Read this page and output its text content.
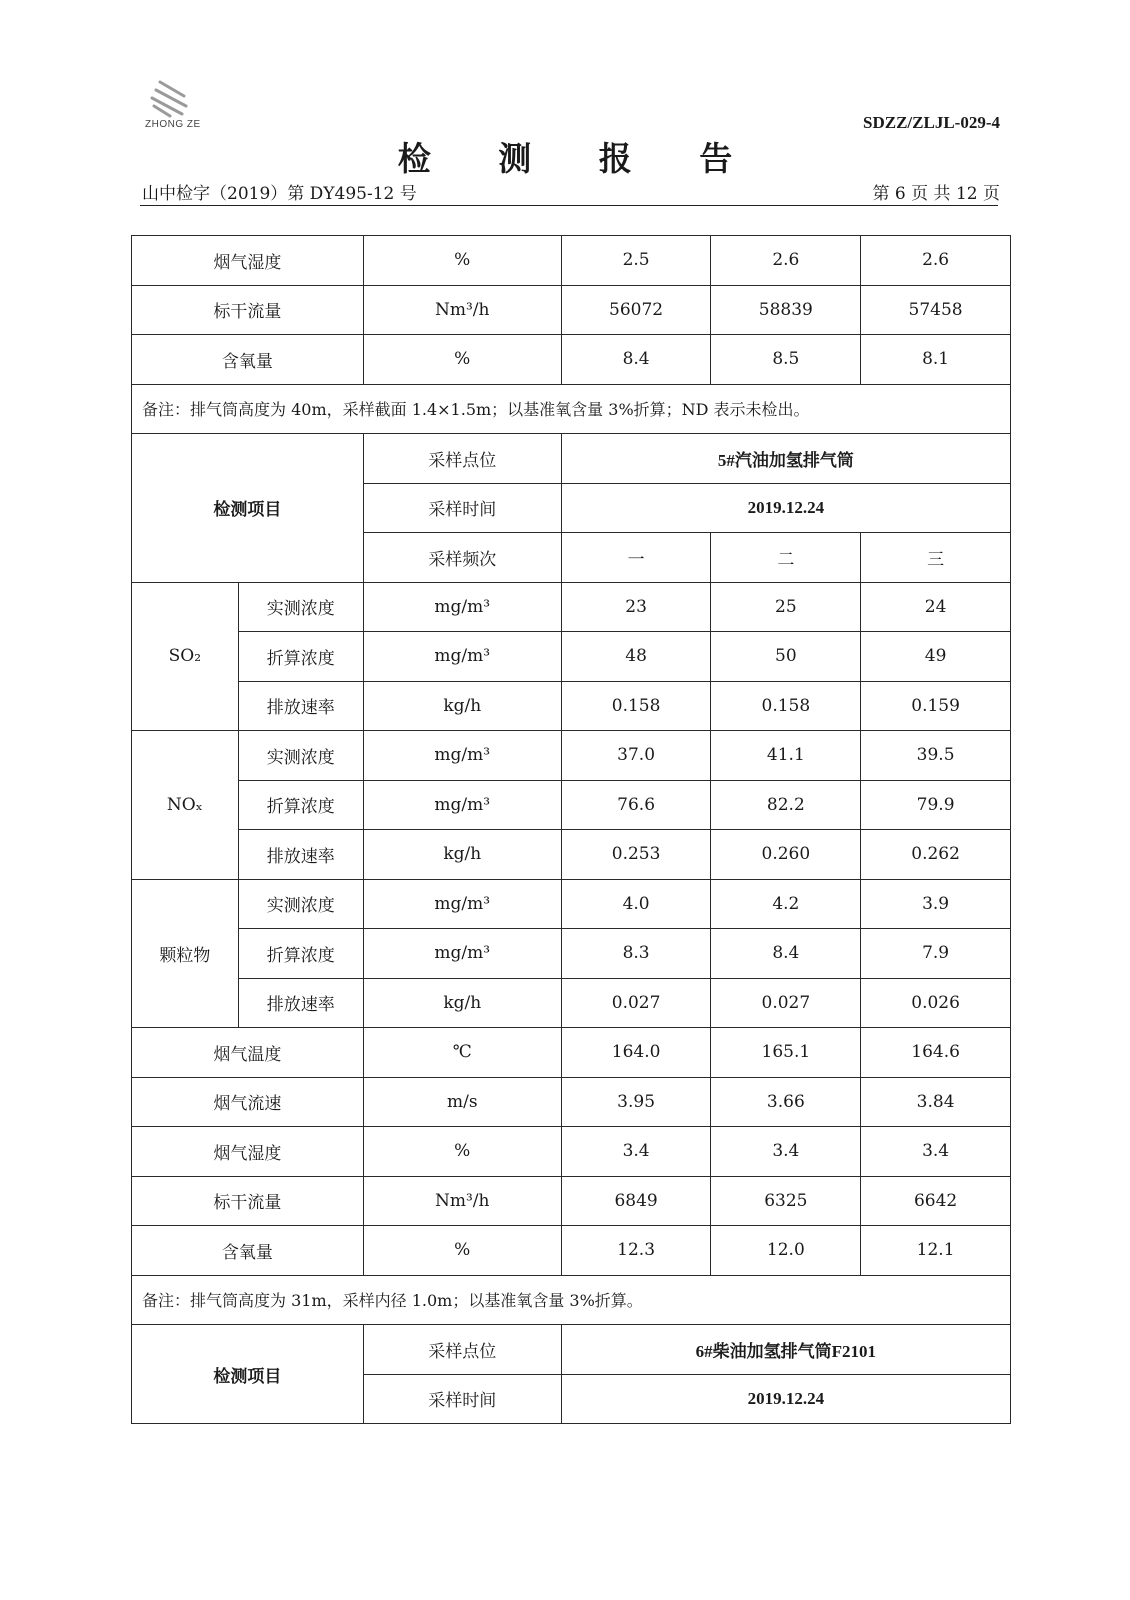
ZHONG ZE	SDZZ/ZLJL-029-4
检 测 报 告
山中检字（2019）第 DY495-12 号	第 6 页 共 12 页
烟气湿度		%	2.5	2.6	2.6
标干流量		Nm³/h	56072	58839	57458
含氧量		%	8.4	8.5	8.1
备注：排气筒高度为 40m，采样截面 1.4×1.5m；以基准氧含量 3%折算；ND 表示未检出。					
检测项目		采样点位	5#汽油加氢排气筒		
		采样时间	2019.12.24		
		采样频次	一	二	三
SO₂	实测浓度	mg/m³	23	25	24
	折算浓度	mg/m³	48	50	49
	排放速率	kg/h	0.158	0.158	0.159
NOₓ	实测浓度	mg/m³	37.0	41.1	39.5
	折算浓度	mg/m³	76.6	82.2	79.9
	排放速率	kg/h	0.253	0.260	0.262
颗粒物	实测浓度	mg/m³	4.0	4.2	3.9
	折算浓度	mg/m³	8.3	8.4	7.9
	排放速率	kg/h	0.027	0.027	0.026
烟气温度		℃	164.0	165.1	164.6
烟气流速		m/s	3.95	3.66	3.84
烟气湿度		%	3.4	3.4	3.4
标干流量		Nm³/h	6849	6325	6642
含氧量		%	12.3	12.0	12.1
备注：排气筒高度为 31m，采样内径 1.0m；以基准氧含量 3%折算。					
检测项目		采样点位	6#柴油加氢排气筒F2101		
		采样时间	2019.12.24		
